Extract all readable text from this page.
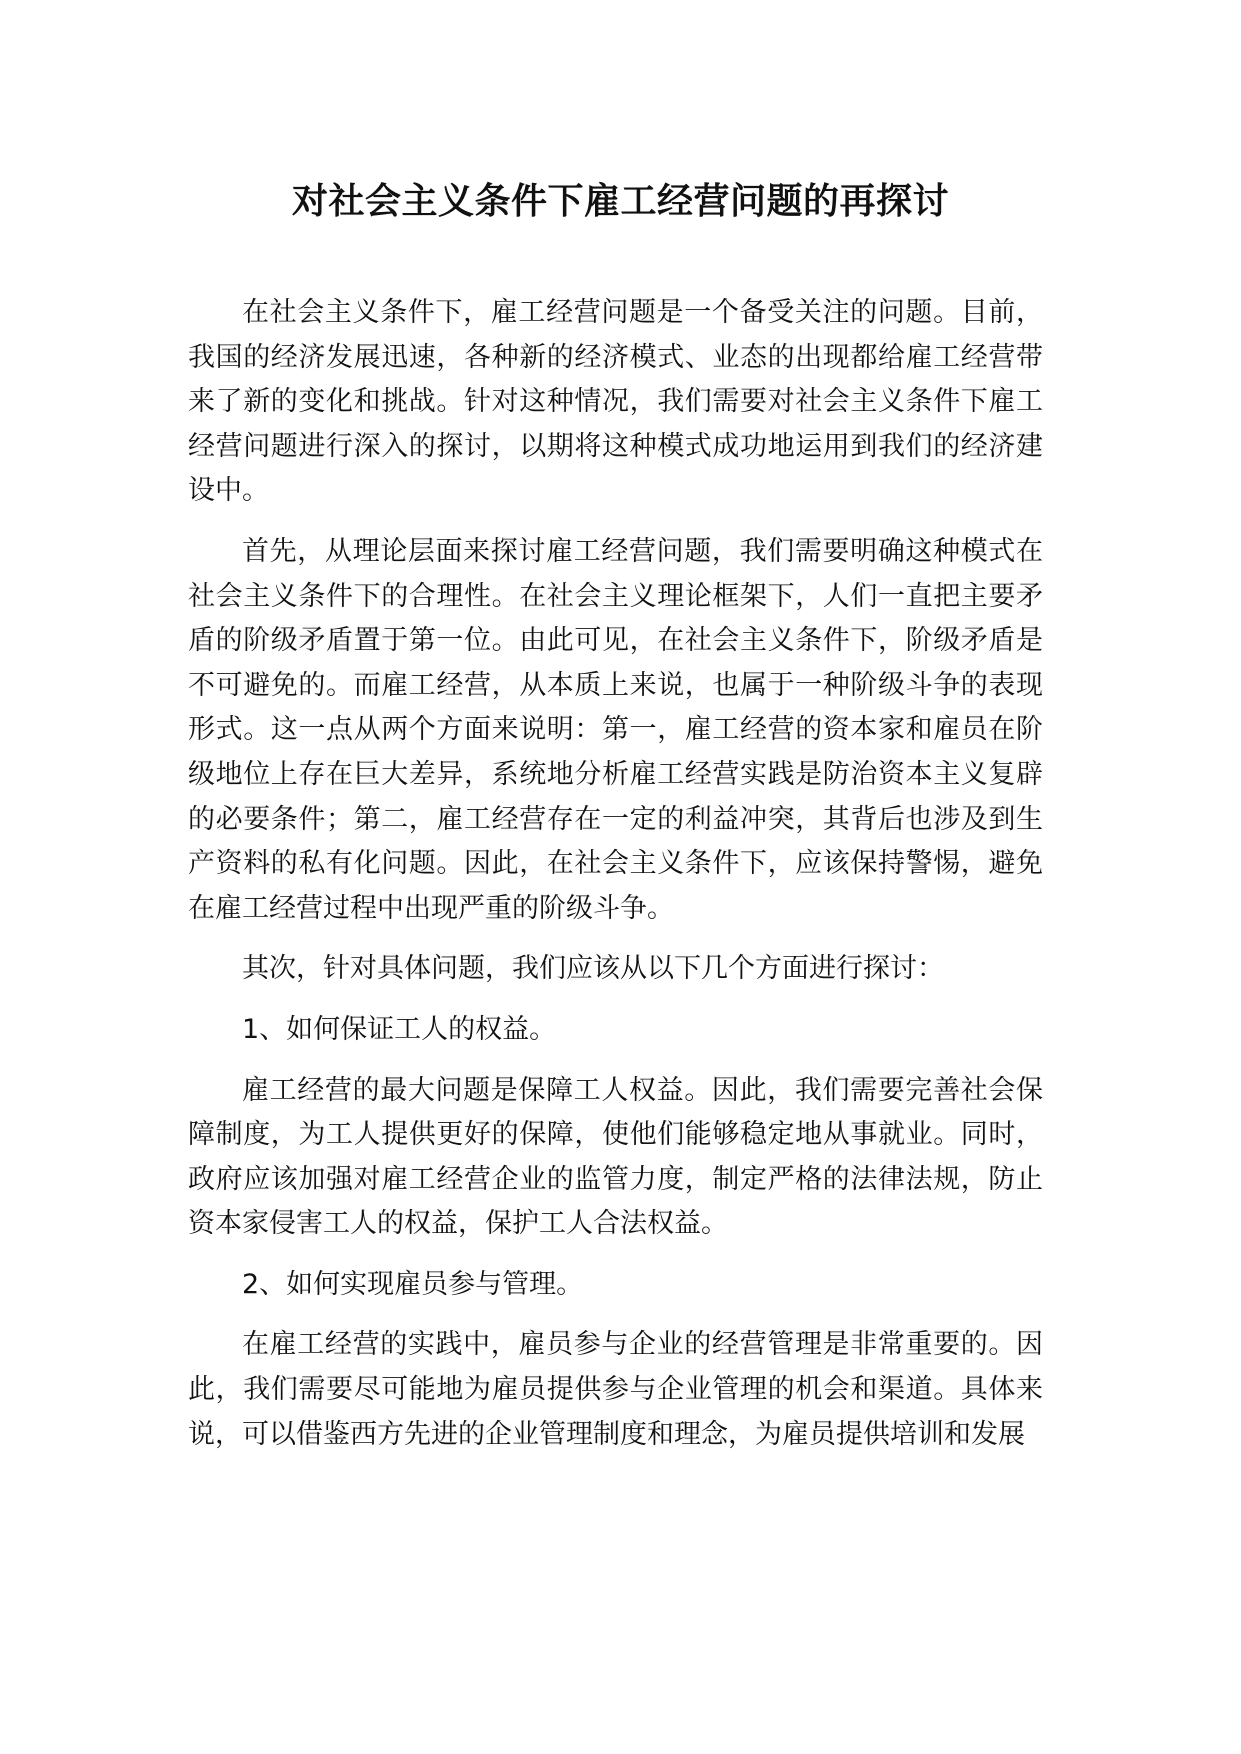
对社会主义条件下雇工经营问题的再探讨

在社会主义条件下，雇工经营问题是一个备受关注的问题。目前，我国的经济发展迅速，各种新的经济模式、业态的出现都给雇工经营带来了新的变化和挑战。针对这种情况，我们需要对社会主义条件下雇工经营问题进行深入的探讨，以期将这种模式成功地运用到我们的经济建设中。

首先，从理论层面来探讨雇工经营问题，我们需要明确这种模式在社会主义条件下的合理性。在社会主义理论框架下，人们一直把主要矛盾的阶级矛盾置于第一位。由此可见，在社会主义条件下，阶级矛盾是不可避免的。而雇工经营，从本质上来说，也属于一种阶级斗争的表现形式。这一点从两个方面来说明：第一，雇工经营的资本家和雇员在阶级地位上存在巨大差异，系统地分析雇工经营实践是防治资本主义复辟的必要条件；第二，雇工经营存在一定的利益冲突，其背后也涉及到生产资料的私有化问题。因此，在社会主义条件下，应该保持警惕，避免在雇工经营过程中出现严重的阶级斗争。

其次，针对具体问题，我们应该从以下几个方面进行探讨：

1、如何保证工人的权益。

雇工经营的最大问题是保障工人权益。因此，我们需要完善社会保障制度，为工人提供更好的保障，使他们能够稳定地从事就业。同时，政府应该加强对雇工经营企业的监管力度，制定严格的法律法规，防止资本家侵害工人的权益，保护工人合法权益。

2、如何实现雇员参与管理。

在雇工经营的实践中，雇员参与企业的经营管理是非常重要的。因此，我们需要尽可能地为雇员提供参与企业管理的机会和渠道。具体来说，可以借鉴西方先进的企业管理制度和理念，为雇员提供培训和发展
